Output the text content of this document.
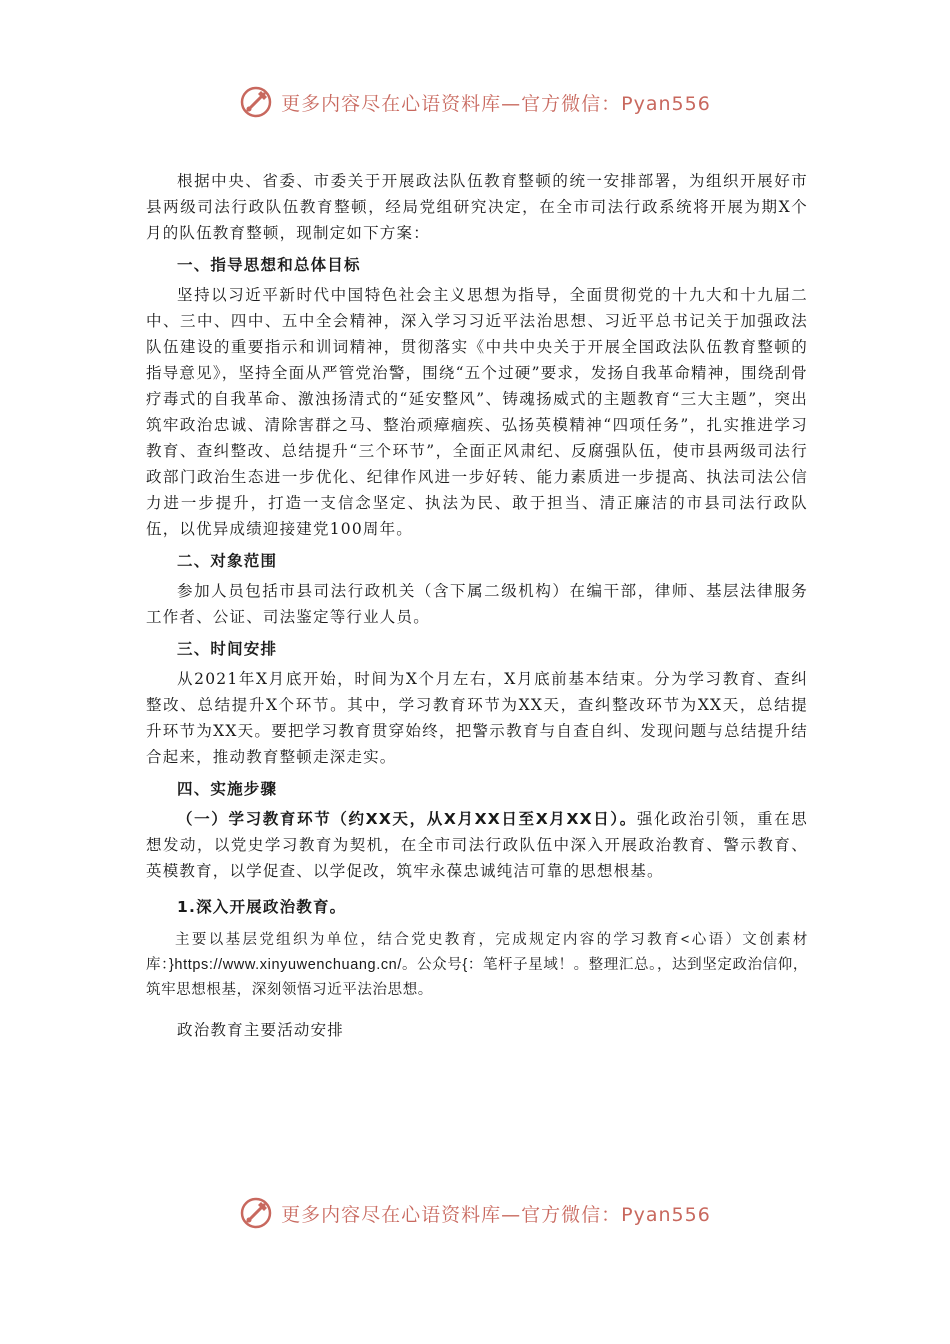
更多内容尽在心语资料库—官方微信：Pyan556

根据中央、省委、市委关于开展政法队伍教育整顿的统一安排部署，为组织开展好市县两级司法行政队伍教育整顿，经局党组研究决定，在全市司法行政系统将开展为期X个月的队伍教育整顿，现制定如下方案：

一、指导思想和总体目标

坚持以习近平新时代中国特色社会主义思想为指导，全面贯彻党的十九大和十九届二中、三中、四中、五中全会精神，深入学习习近平法治思想、习近平总书记关于加强政法队伍建设的重要指示和训词精神，贯彻落实《中共中央关于开展全国政法队伍教育整顿的指导意见》，坚持全面从严管党治警，围绕“五个过硬”要求，发扬自我革命精神，围绕刮骨疗毒式的自我革命、激浊扬清式的“延安整风”、铸魂扬威式的主题教育“三大主题”，突出筑牢政治忠诚、清除害群之马、整治顽瘴痼疾、弘扬英模精神“四项任务”，扎实推进学习教育、查纠整改、总结提升“三个环节”，全面正风肃纪、反腐强队伍，使市县两级司法行政部门政治生态进一步优化、纪律作风进一步好转、能力素质进一步提高、执法司法公信力进一步提升，打造一支信念坚定、执法为民、敢于担当、清正廉洁的市县司法行政队伍，以优异成绩迎接建党100周年。

二、对象范围

参加人员包括市县司法行政机关（含下属二级机构）在编干部，律师、基层法律服务工作者、公证、司法鉴定等行业人员。

三、时间安排

从2021年X月底开始，时间为X个月左右，X月底前基本结束。分为学习教育、查纠整改、总结提升X个环节。其中，学习教育环节为XX天，查纠整改环节为XX天，总结提升环节为XX天。要把学习教育贯穿始终，把警示教育与自查自纠、发现问题与总结提升结合起来，推动教育整顿走深走实。

四、实施步骤

（一）学习教育环节（约XX天，从X月XX日至X月XX日）。强化政治引领，重在思想发动，以党史学习教育为契机，在全市司法行政队伍中深入开展政治教育、警示教育、英模教育，以学促查、以学促改，筑牢永葆忠诚纯洁可靠的思想根基。

1.深入开展政治教育。

主要以基层党组织为单位，结合党史教育，完成规定内容的学习教育<心语）文创素材库：}https://www.xinyuwenchuang.cn/。公众号{：笔杆子星域！。整理汇总。，达到坚定政治信仰，筑牢思想根基，深刻领悟习近平法治思想。

政治教育主要活动安排

更多内容尽在心语资料库—官方微信：Pyan556
